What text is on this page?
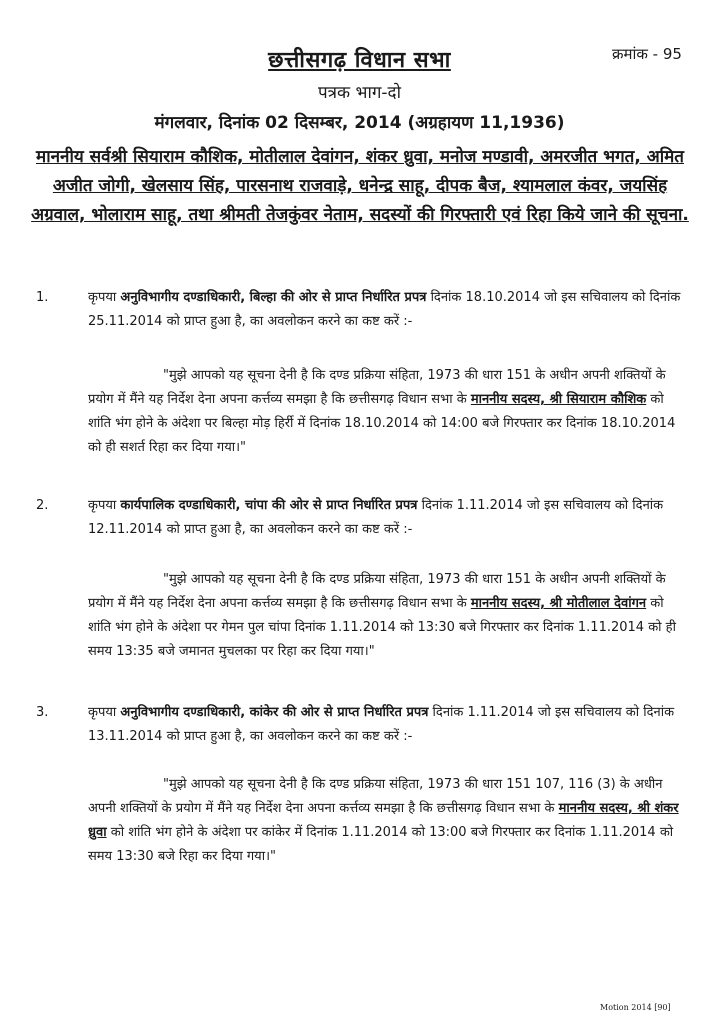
क्रमांक - 95
छत्तीसगढ़ विधान सभा
पत्रक भाग-दो
मंगलवार, दिनांक 02 दिसम्बर, 2014 (अग्रहायण 11,1936)
माननीय सर्वश्री सियाराम कौशिक, मोतीलाल देवांगन, शंकर ध्रुवा, मनोज मण्डावी, अमरजीत भगत, अमित अजीत जोगी, खेलसाय सिंह, पारसनाथ राजवाड़े, धनेन्द्र साहू, दीपक बैज, श्यामलाल कंवर, जयसिंह अग्रवाल, भोलाराम साहू, तथा श्रीमती तेजकुंवर नेताम, सदस्यों की गिरफ्तारी एवं रिहा किये जाने की सूचना.
1.	कृपया अनुविभागीय दण्डाधिकारी, बिल्हा की ओर से प्राप्त निर्धारित प्रपत्र दिनांक 18.10.2014 जो इस सचिवालय को दिनांक 25.11.2014 को प्राप्त हुआ है, का अवलोकन करने का कष्ट करें :-
"मुझे आपको यह सूचना देनी है कि दण्ड प्रक्रिया संहिता, 1973 की धारा 151 के अधीन अपनी शक्तियों के प्रयोग में मैंने यह निर्देश देना अपना कर्त्तव्य समझा है कि छत्तीसगढ़ विधान सभा के माननीय सदस्य, श्री सियाराम कौशिक को शांति भंग होने के अंदेशा पर बिल्हा मोड़ हिर्री में दिनांक 18.10.2014 को 14:00 बजे गिरफ्तार कर दिनांक 18.10.2014 को ही सशर्त रिहा कर दिया गया।"
2.	कृपया कार्यपालिक दण्डाधिकारी, चांपा की ओर से प्राप्त निर्धारित प्रपत्र दिनांक 1.11.2014 जो इस सचिवालय को दिनांक 12.11.2014 को प्राप्त हुआ है, का अवलोकन करने का कष्ट करें :-
"मुझे आपको यह सूचना देनी है कि दण्ड प्रक्रिया संहिता, 1973 की धारा 151 के अधीन अपनी शक्तियों के प्रयोग में मैंने यह निर्देश देना अपना कर्त्तव्य समझा है कि छत्तीसगढ़ विधान सभा के माननीय सदस्य, श्री मोतीलाल देवांगन को शांति भंग होने के अंदेशा पर गेमन पुल चांपा दिनांक 1.11.2014 को 13:30 बजे गिरफ्तार कर दिनांक 1.11.2014 को ही समय 13:35 बजे जमानत मुचलका पर रिहा कर दिया गया।"
3.	कृपया अनुविभागीय दण्डाधिकारी, कांकेर की ओर से प्राप्त निर्धारित प्रपत्र दिनांक 1.11.2014 जो इस सचिवालय को दिनांक 13.11.2014 को प्राप्त हुआ है, का अवलोकन करने का कष्ट करें :-
"मुझे आपको यह सूचना देनी है कि दण्ड प्रक्रिया संहिता, 1973 की धारा 151 107, 116 (3) के अधीन अपनी शक्तियों के प्रयोग में मैंने यह निर्देश देना अपना कर्त्तव्य समझा है कि छत्तीसगढ़ विधान सभा के माननीय सदस्य, श्री शंकर ध्रुवा को शांति भंग होने के अंदेशा पर कांकेर में दिनांक 1.11.2014 को 13:00 बजे गिरफ्तार कर दिनांक 1.11.2014 को समय 13:30 बजे रिहा कर दिया गया।"
Motion 2014 [90]
